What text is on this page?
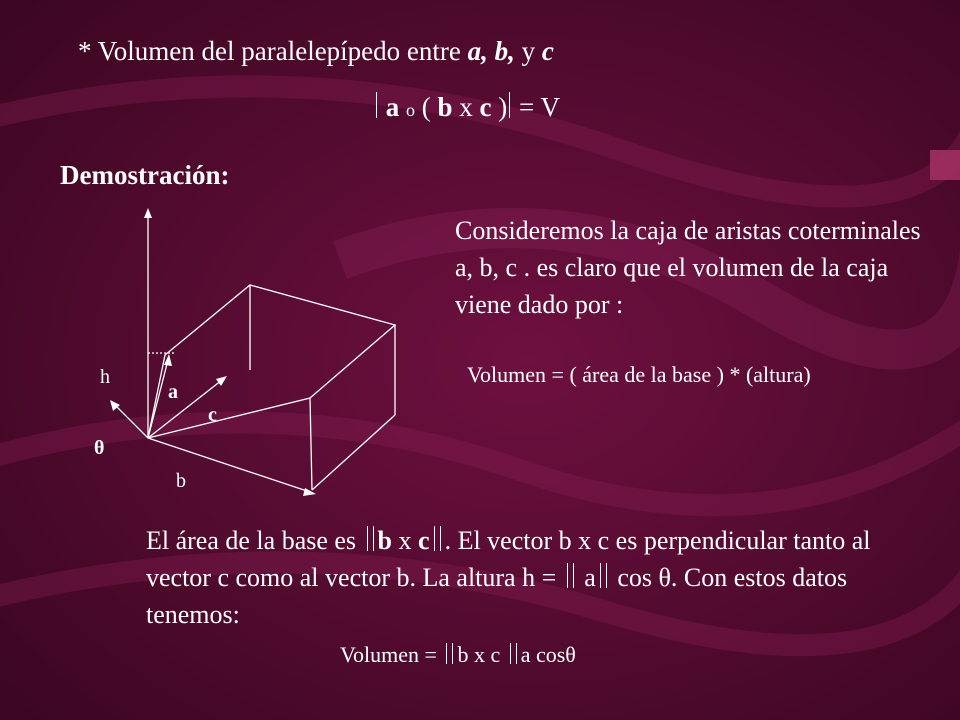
* Volumen del paralelepípedo entre a, b, y c
a o ( b x c ) = V
Demostración:
Consideremos la caja de aristas coterminales a, b, c . es claro que el volumen de la caja viene dado por :
Volumen = ( área de la base ) * (altura)
h
a
c
θ
b
El área de la base es b x c . El vector b x c es perpendicular tanto al vector c como al vector b. La altura h = a cos θ. Con estos datos tenemos:
Volumen = b x c a cosθ
